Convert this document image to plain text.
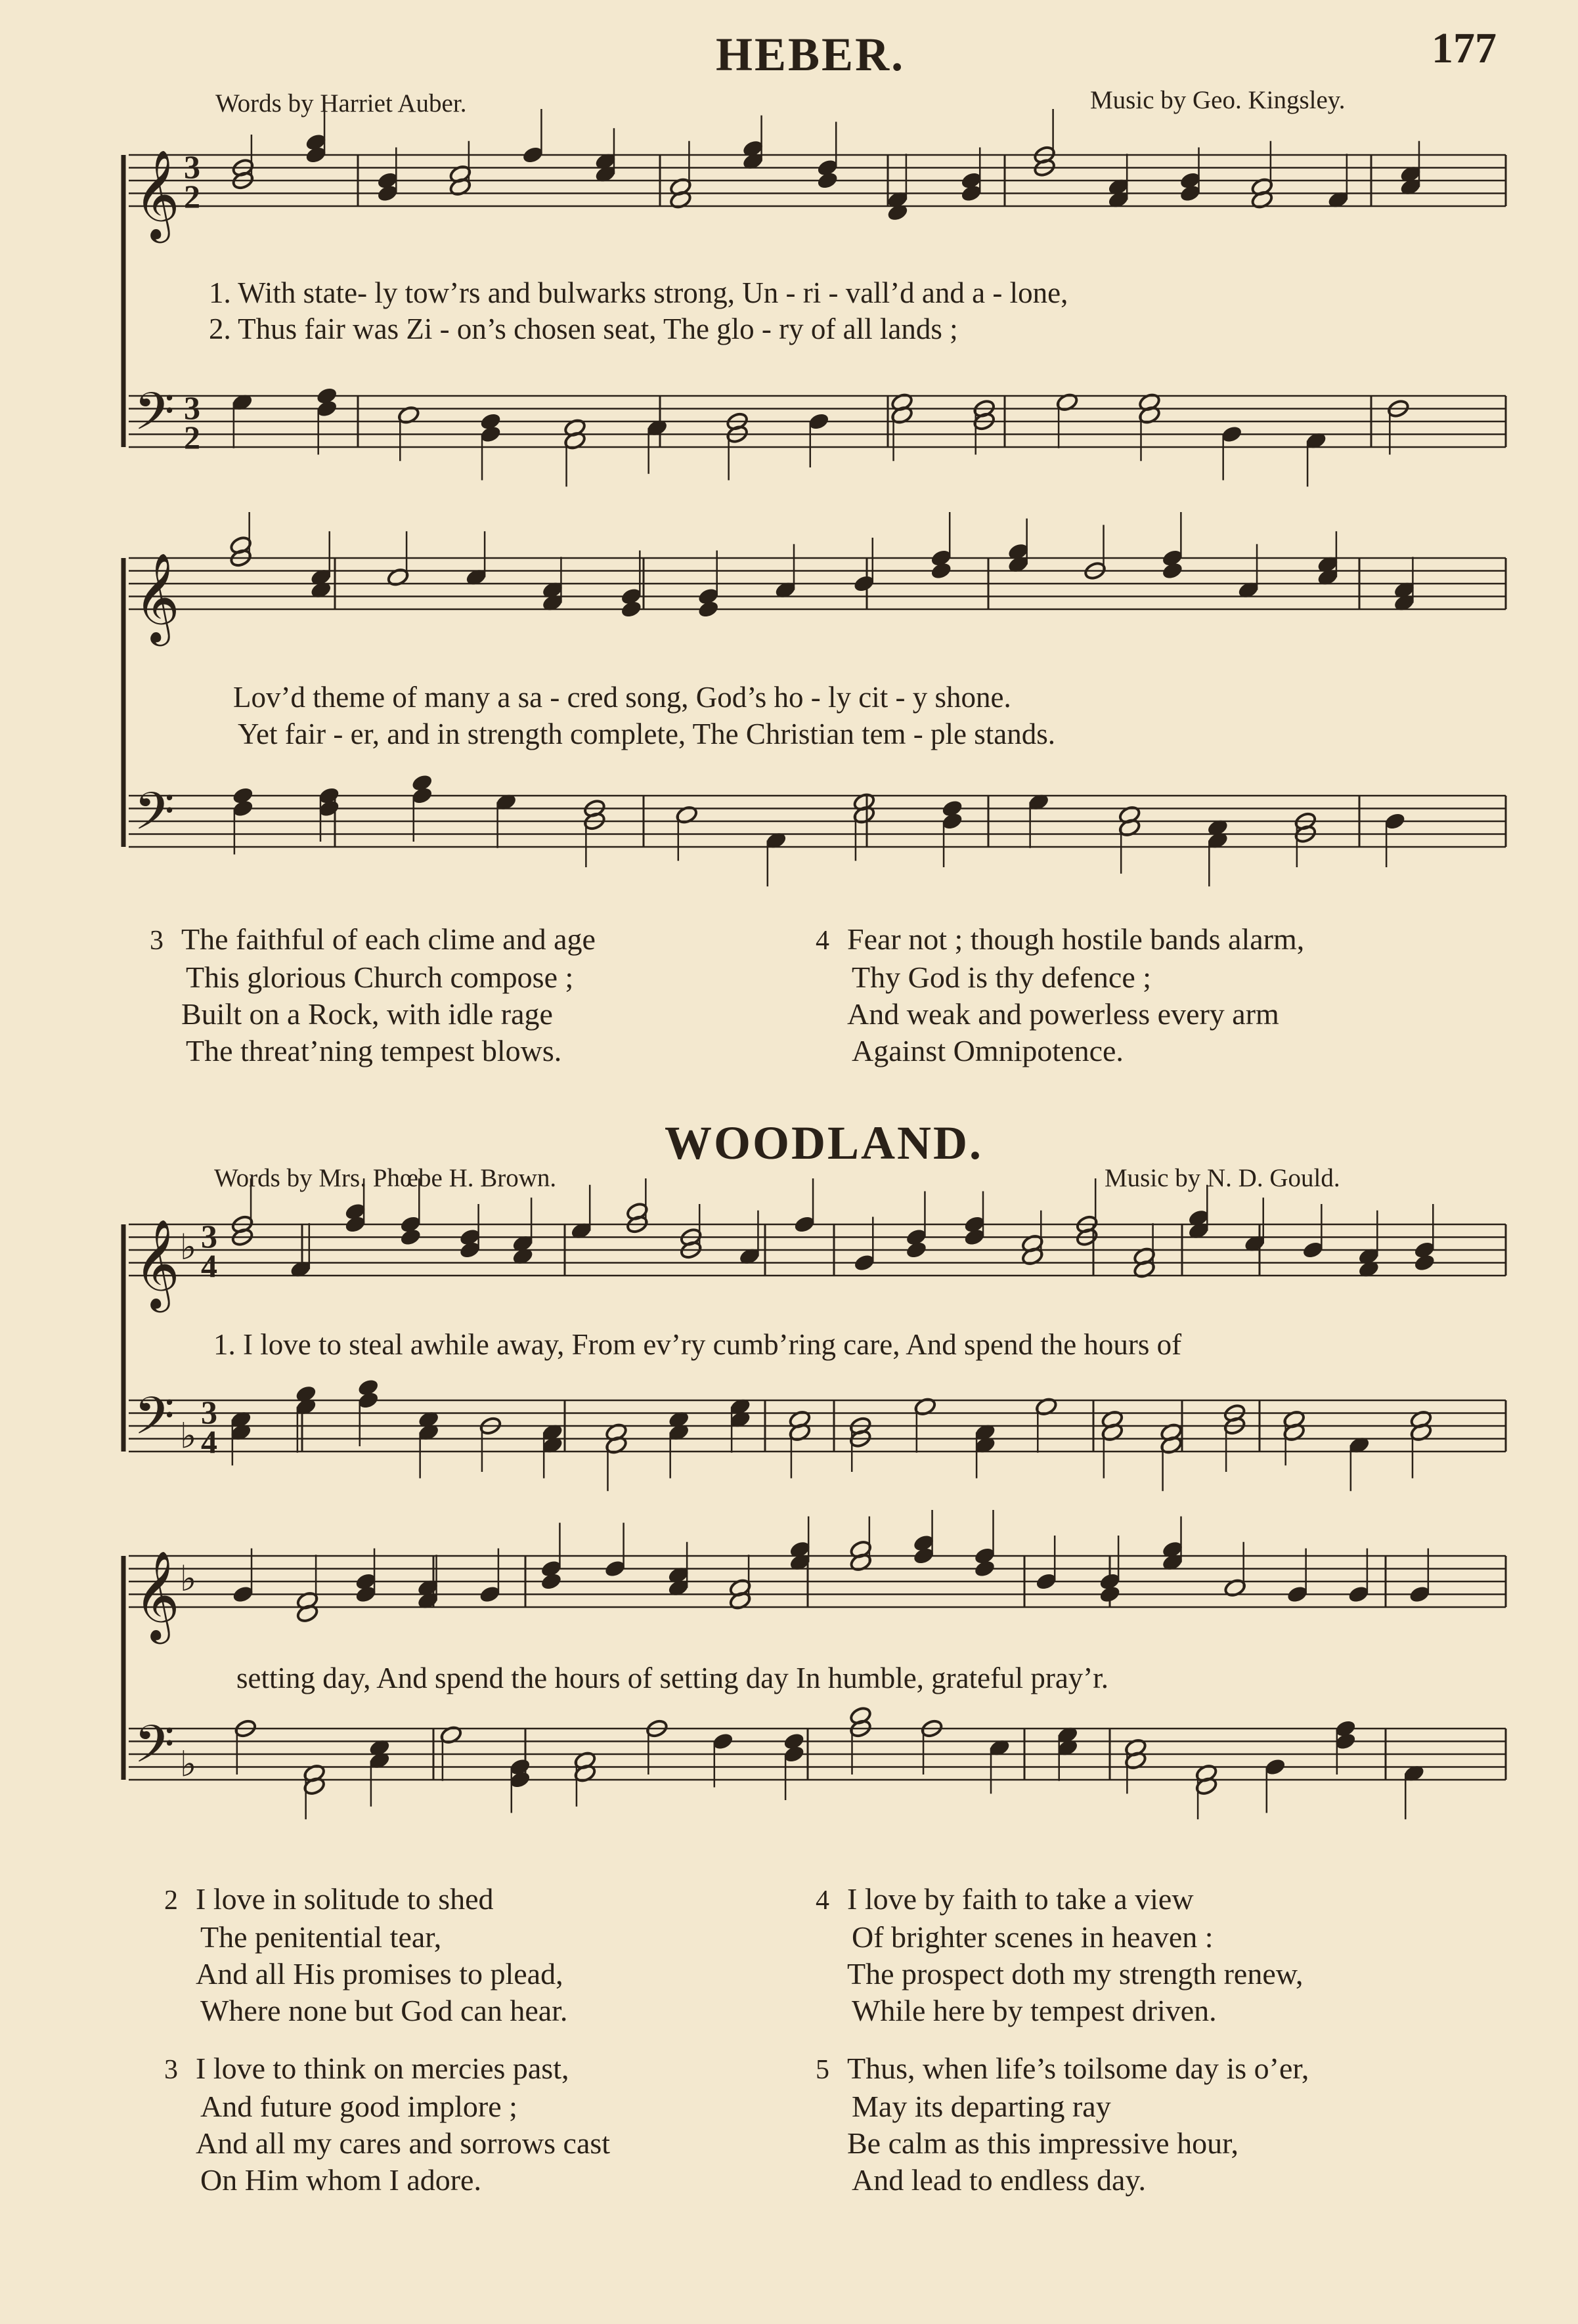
177
HEBER.
Words by Harriet Auber.	Music by Geo. Kingsley.
1. With state- ly tow’rs and bulwarks strong, Un - ri - vall’d and a - lone,
2. Thus fair was Zi - on’s chosen seat, The glo - ry of all lands ;
Lov’d theme of many a sa - cred song, God’s ho - ly cit - y shone.
Yet fair - er, and in strength complete, The Christian tem - ple stands.
3 The faithful of each clime and age
This glorious Church compose ;
Built on a Rock, with idle rage
The threat’ning tempest blows.
4 Fear not ; though hostile bands alarm,
Thy God is thy defence ;
And weak and powerless every arm
Against Omnipotence.
WOODLAND.
Words by Mrs. Phœbe H. Brown.	Music by N. D. Gould.
1. I love to steal awhile away, From ev’ry cumb’ring care, And spend the hours of
setting day, And spend the hours of setting day In humble, grateful pray’r.
2 I love in solitude to shed
The penitential tear,
And all His promises to plead,
Where none but God can hear.
3 I love to think on mercies past,
And future good implore ;
And all my cares and sorrows cast
On Him whom I adore.
4 I love by faith to take a view
Of brighter scenes in heaven :
The prospect doth my strength renew,
While here by tempest driven.
5 Thus, when life’s toilsome day is o’er,
May its departing ray
Be calm as this impressive hour,
And lead to endless day.
𝄞 3
2
𝄢 3
2
𝄞
𝄢
𝄞 ♭ 3
4
𝄢 ♭
3
4
𝄞 ♭
𝄢 ♭
